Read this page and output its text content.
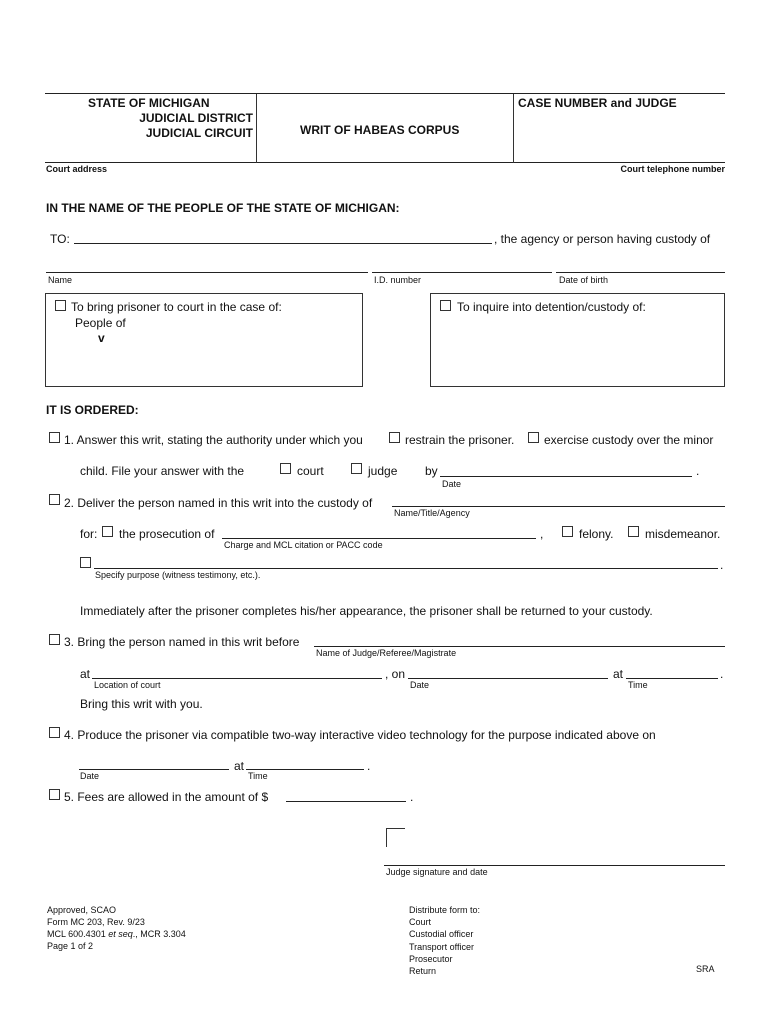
STATE OF MICHIGAN
JUDICIAL DISTRICT
JUDICIAL CIRCUIT	WRIT OF HABEAS CORPUS
CASE NUMBER and JUDGE
Court address	Court telephone number
IN THE NAME OF THE PEOPLE OF THE STATE OF MICHIGAN:
TO:	, the agency or person having custody of
Name	I.D. number	Date of birth
To bring prisoner to court in the case of:
People of
v
To inquire into detention/custody of:
IT IS ORDERED:
1. Answer this writ, stating the authority under which you	restrain the prisoner. exercise custody over the minor
child. File your answer with the	court	judge by	.
Date
2. Deliver the person named in this writ into the custody of
Name/Title/Agency
for: the prosecution of	,
Charge and MCL citation or PACC code
felony.	misdemeanor.
.
Specify purpose (witness testimony, etc.).
Immediately after the prisoner completes his/her appearance, the prisoner shall be returned to your custody.
3. Bring the person named in this writ before
Name of Judge/Referee/Magistrate
at
Location of court
, on
Date
at
Time
.
Bring this writ with you.
4. Produce the prisoner via compatible two-way interactive video technology for the purpose indicated above on
at	.
Date	Time
5. Fees are allowed in the amount of $	.
Judge signature and date
Approved, SCAO
Form MC 203, Rev. 9/23
MCL 600.4301 et seq., MCR 3.304
Page 1 of 2
Distribute form to:
Court
Custodial officer
Transport officer
Prosecutor
Return	SRA
